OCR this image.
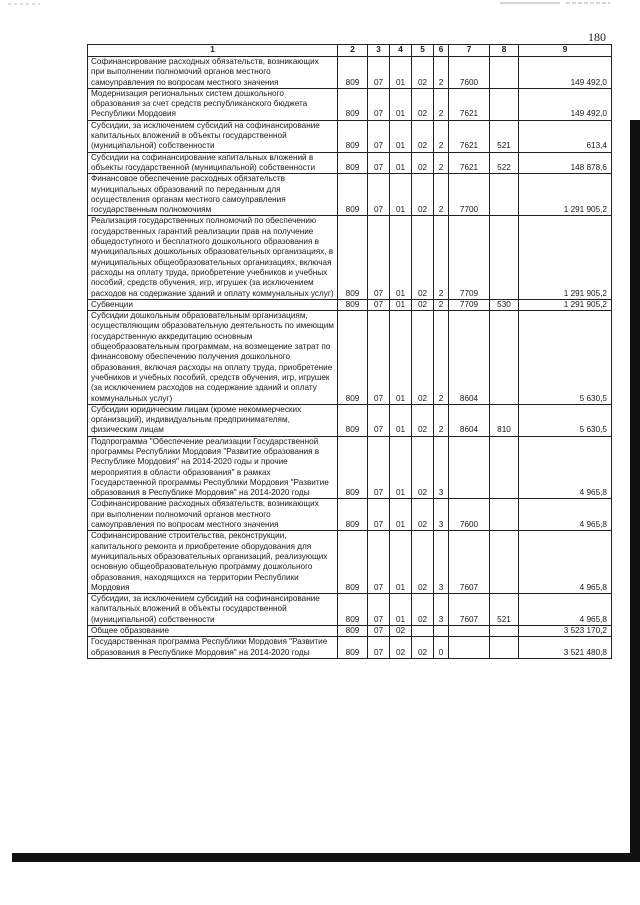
180
1	2	3	4	5	6	7	8	9
Софинансирование расходных обязательств, возникающих при выполнении полномочий органов местного самоуправления по вопросам местного значения	809	07	01	02	2	7600		149 492,0
Модернизация региональных систем дошкольного образования за счет средств республиканского бюджета Республики Мордовия	809	07	01	02	2	7621		149 492,0
Субсидии, за исключением субсидий на софинансирование капитальных вложений в объекты государственной (муниципальной) собственности	809	07	01	02	2	7621	521	613,4
Субсидии на софинансирование капитальных вложений в объекты государственной (муниципальной) собственности	809	07	01	02	2	7621	522	148 878,6
Финансовое обеспечение расходных обязательств муниципальных образований по переданным для осуществления органам местного самоуправления государственным полномочиям	809	07	01	02	2	7700		1 291 905,2
Реализация государственных полномочий по обеспечению государственных гарантий реализации прав на получение общедоступного и бесплатного дошкольного образования в муниципальных дошкольных образовательных организациях, в муниципальных общеобразовательных организациях, включая расходы на оплату труда, приобретение учебников и учебных пособий, средств обучения, игр, игрушек (за исключением расходов на содержание зданий и оплату коммунальных услуг)	809	07	01	02	2	7709		1 291 905,2
Субвенции	809	07	01	02	2	7709	530	1 291 905,2
Субсидии дошкольным образовательным организациям, осуществляющим образовательную деятельность по имеющим государственную аккредитацию основным общеобразовательным программам, на возмещение затрат по финансовому обеспечению получения дошкольного образования, включая расходы на оплату труда, приобретение учебников и учебных пособий, средств обучения, игр, игрушек (за исключением расходов на содержание зданий и оплату коммунальных услуг)	809	07	01	02	2	8604		5 630,5
Субсидии юридическим лицам (кроме некоммерческих организаций), индивидуальным предпринимателям, физическим лицам	809	07	01	02	2	8604	810	5 630,5
Подпрограмма "Обеспечение реализации Государственной программы Республики Мордовия "Развитие образования в Республике Мордовия" на 2014-2020 годы и прочие мероприятия в области образования" в рамках Государственной программы Республики Мордовия "Развитие образования в Республике Мордовия" на 2014-2020 годы	809	07	01	02	3			4 965,8
Софинансирование расходных обязательств, возникающих при выполнении полномочий органов местного самоуправления по вопросам местного значения	809	07	01	02	3	7600		4 965,8
Софинансирование строительства, реконструкции, капитального ремонта и приобретение оборудования для муниципальных образовательных организаций, реализующих основную общеобразовательную программу дошкольного образования, находящихся на территории Республики Мордовия	809	07	01	02	3	7607		4 965,8
Субсидии, за исключением субсидий на софинансирование капитальных вложений в объекты государственной (муниципальной) собственности	809	07	01	02	3	7607	521	4 965,8
Общее образование	809	07	02					3 523 170,2
Государственная программа Республики Мордовия "Развитие образования в Республике Мордовия" на 2014-2020 годы	809	07	02	02	0			3 521 480,8
